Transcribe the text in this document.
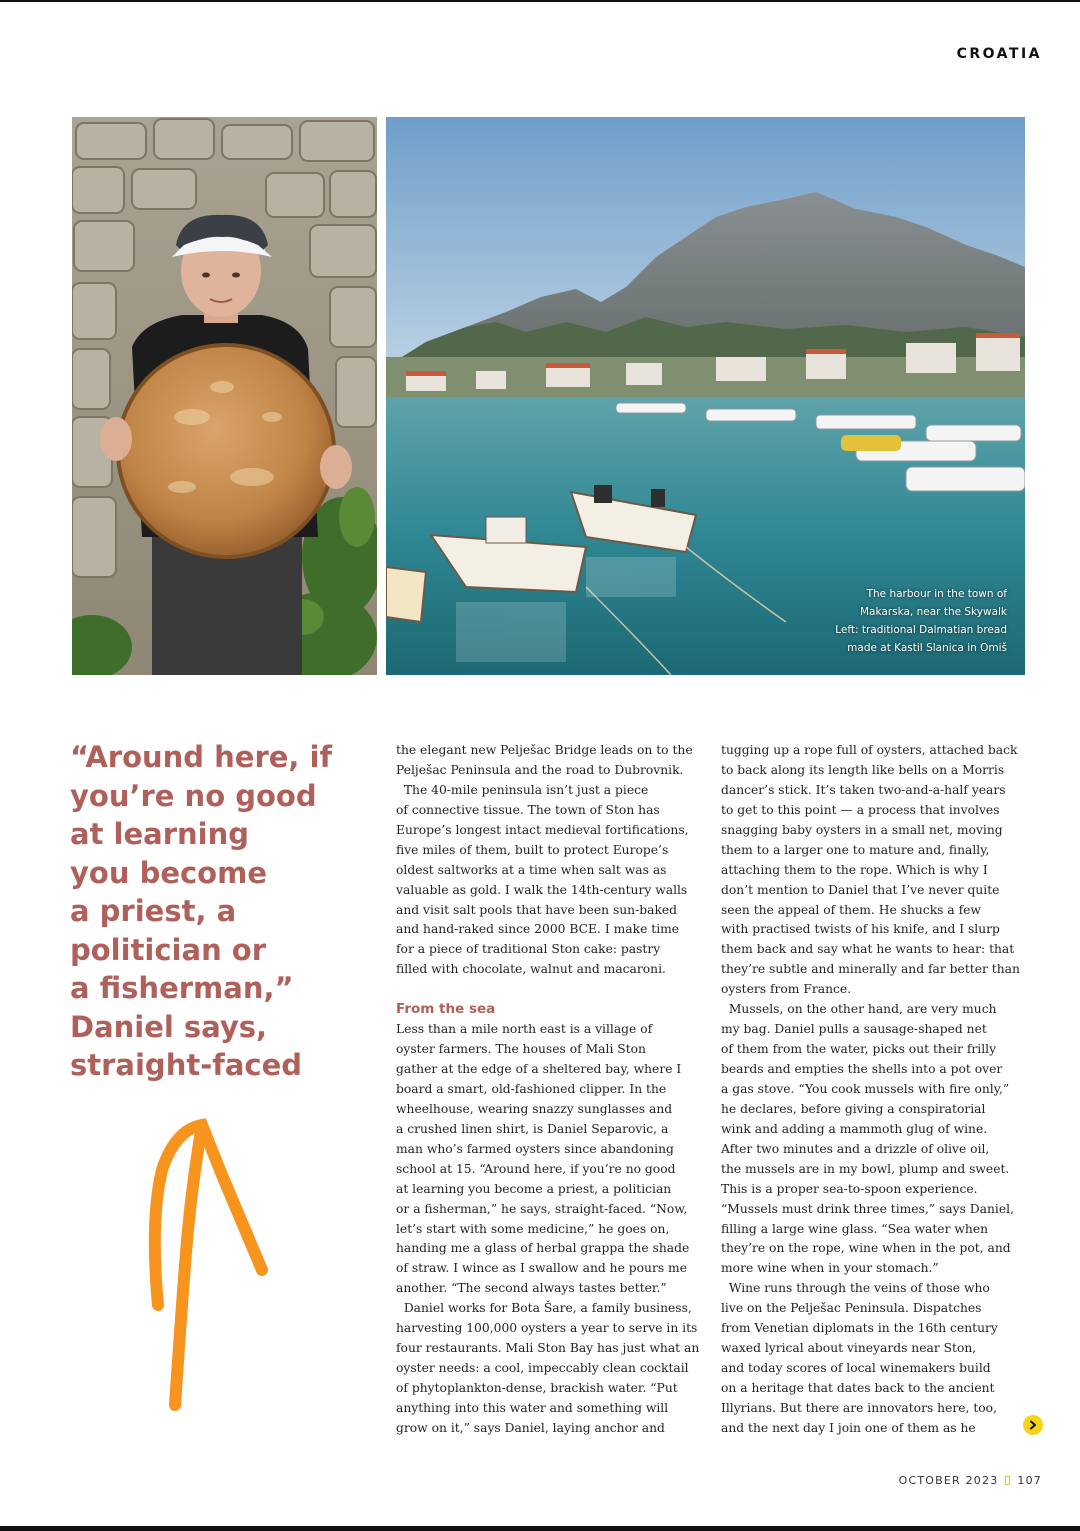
CROATIA
The harbour in the town of
Makarska, near the Skywalk
Left: traditional Dalmatian bread
made at Kastil Slanica in Omiš
“Around here, if
you’re no good
at learning
you become
a priest, a
politician or
a fisherman,”
Daniel says,
straight-faced
the elegant new Pelješac Bridge leads on to the
Pelješac Peninsula and the road to Dubrovnik.
The 40-mile peninsula isn’t just a piece
of connective tissue. The town of Ston has
Europe’s longest intact medieval fortifications,
five miles of them, built to protect Europe’s
oldest saltworks at a time when salt was as
valuable as gold. I walk the 14th-century walls
and visit salt pools that have been sun-baked
and hand-raked since 2000 BCE. I make time
for a piece of traditional Ston cake: pastry
filled with chocolate, walnut and macaroni.
From the sea
Less than a mile north east is a village of
oyster farmers. The houses of Mali Ston
gather at the edge of a sheltered bay, where I
board a smart, old-fashioned clipper. In the
wheelhouse, wearing snazzy sunglasses and
a crushed linen shirt, is Daniel Separovic, a
man who’s farmed oysters since abandoning
school at 15. “Around here, if you’re no good
at learning you become a priest, a politician
or a fisherman,” he says, straight-faced. “Now,
let’s start with some medicine,” he goes on,
handing me a glass of herbal grappa the shade
of straw. I wince as I swallow and he pours me
another. “The second always tastes better.”
Daniel works for Bota Šare, a family business,
harvesting 100,000 oysters a year to serve in its
four restaurants. Mali Ston Bay has just what an
oyster needs: a cool, impeccably clean cocktail
of phytoplankton-dense, brackish water. “Put
anything into this water and something will
grow on it,” says Daniel, laying anchor and
tugging up a rope full of oysters, attached back
to back along its length like bells on a Morris
dancer’s stick. It’s taken two-and-a-half years
to get to this point — a process that involves
snagging baby oysters in a small net, moving
them to a larger one to mature and, finally,
attaching them to the rope. Which is why I
don’t mention to Daniel that I’ve never quite
seen the appeal of them. He shucks a few
with practised twists of his knife, and I slurp
them back and say what he wants to hear: that
they’re subtle and minerally and far better than
oysters from France.
Mussels, on the other hand, are very much
my bag. Daniel pulls a sausage-shaped net
of them from the water, picks out their frilly
beards and empties the shells into a pot over
a gas stove. “You cook mussels with fire only,”
he declares, before giving a conspiratorial
wink and adding a mammoth glug of wine.
After two minutes and a drizzle of olive oil,
the mussels are in my bowl, plump and sweet.
This is a proper sea-to-spoon experience.
“Mussels must drink three times,” says Daniel,
filling a large wine glass. “Sea water when
they’re on the rope, wine when in the pot, and
more wine when in your stomach.”
Wine runs through the veins of those who
live on the Pelješac Peninsula. Dispatches
from Venetian diplomats in the 16th century
waxed lyrical about vineyards near Ston,
and today scores of local winemakers build
on a heritage that dates back to the ancient
Illyrians. But there are innovators here, too,
and the next day I join one of them as he
OCTOBER 2023 107
